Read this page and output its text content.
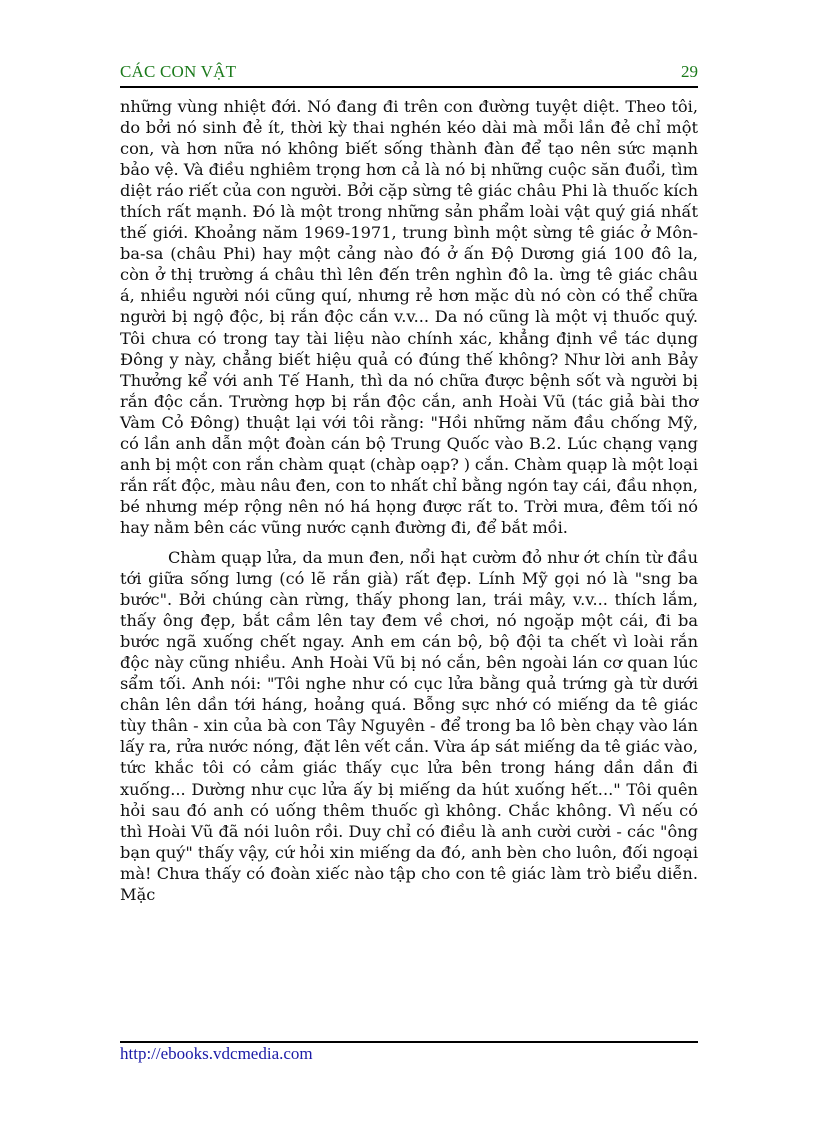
CÁC CON VẬT	29

những vùng nhiệt đới. Nó đang đi trên con đường tuyệt diệt. Theo tôi, do bởi nó sinh đẻ ít, thời kỳ thai nghén kéo dài mà mỗi lần đẻ chỉ một con, và hơn nữa nó không biết sống thành đàn để tạo nên sức mạnh bảo vệ. Và điều nghiêm trọng hơn cả là nó bị những cuộc săn đuổi, tìm diệt ráo riết của con người. Bởi cặp sừng tê giác châu Phi là thuốc kích thích rất mạnh. Đó là một trong những sản phẩm loài vật quý giá nhất thế giới. Khoảng năm 1969-1971, trung bình một sừng tê giác ở Môn-ba-sa (châu Phi) hay một cảng nào đó ở ấn Độ Dương giá 100 đô la, còn ở thị trường á châu thì lên đến trên nghìn đô la. ừng tê giác châu á, nhiều người nói cũng quí, nhưng rẻ hơn mặc dù nó còn có thể chữa người bị ngộ độc, bị rắn độc cắn v.v... Da nó cũng là một vị thuốc quý. Tôi chưa có trong tay tài liệu nào chính xác, khẳng định về tác dụng Đông y này, chẳng biết hiệu quả có đúng thế không? Như lời anh Bảy Thưởng kể với anh Tế Hanh, thì da nó chữa được bệnh sốt và người bị rắn độc cắn. Trường hợp bị rắn độc cắn, anh Hoài Vũ (tác giả bài thơ Vàm Cỏ Đông) thuật lại với tôi rằng: "Hồi những năm đầu chống Mỹ, có lần anh dẫn một đoàn cán bộ Trung Quốc vào B.2. Lúc chạng vạng anh bị một con rắn chàm quạt (chàp oạp? ) cắn. Chàm quạp là một loại rắn rất độc, màu nâu đen, con to nhất chỉ bằng ngón tay cái, đầu nhọn, bé nhưng mép rộng nên nó há họng được rất to. Trời mưa, đêm tối nó hay nằm bên các vũng nước cạnh đường đi, để bắt mồi.

Chàm quạp lửa, da mun đen, nổi hạt cườm đỏ như ớt chín từ đầu tới giữa sống lưng (có lẽ rắn già) rất đẹp. Lính Mỹ gọi nó là "sng ba bước". Bởi chúng càn rừng, thấy phong lan, trái mây, v.v... thích lắm, thấy ông đẹp, bắt cầm lên tay đem về chơi, nó ngoặp một cái, đi ba bước ngã xuống chết ngay. Anh em cán bộ, bộ đội ta chết vì loài rắn độc này cũng nhiều. Anh Hoài Vũ bị nó cắn, bên ngoài lán cơ quan lúc sẩm tối. Anh nói: "Tôi nghe như có cục lửa bằng quả trứng gà từ dưới chân lên dần tới háng, hoảng quá. Bỗng sực nhớ có miếng da tê giác tùy thân - xin của bà con Tây Nguyên - để trong ba lô bèn chạy vào lán lấy ra, rửa nước nóng, đặt lên vết cắn. Vừa áp sát miếng da tê giác vào, tức khắc tôi có cảm giác thấy cục lửa bên trong háng dần dần đi xuống... Dường như cục lửa ấy bị miếng da hút xuống hết..." Tôi quên hỏi sau đó anh có uống thêm thuốc gì không. Chắc không. Vì nếu có thì Hoài Vũ đã nói luôn rồi. Duy chỉ có điều là anh cười cười - các "ông bạn quý" thấy vậy, cứ hỏi xin miếng da đó, anh bèn cho luôn, đối ngoại mà! Chưa thấy có đoàn xiếc nào tập cho con tê giác làm trò biểu diễn. Mặc

http://ebooks.vdcmedia.com
